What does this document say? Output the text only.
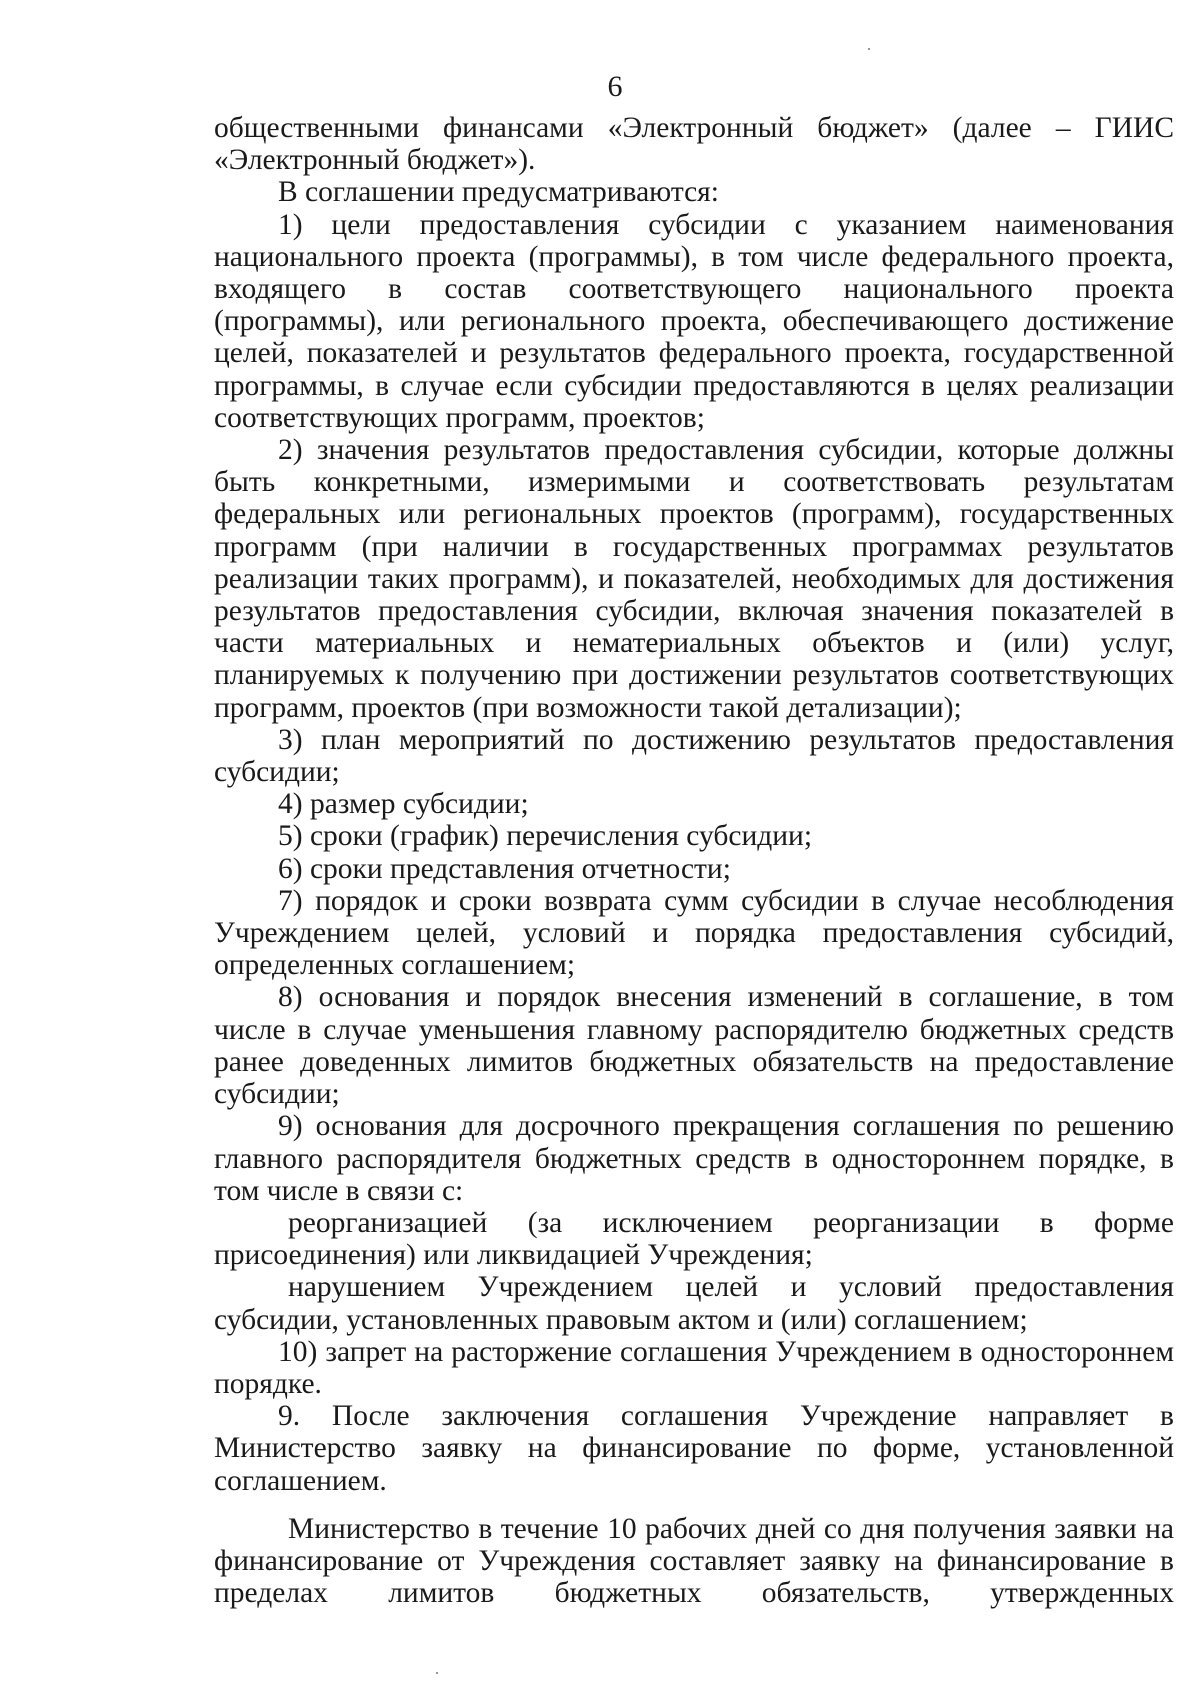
6

общественными финансами «Электронный бюджет» (далее – ГИИС «Электронный бюджет»).

В соглашении предусматриваются:

1) цели предоставления субсидии с указанием наименования национального проекта (программы), в том числе федерального проекта, входящего в состав соответствующего национального проекта (программы), или регионального проекта, обеспечивающего достижение целей, показателей и результатов федерального проекта, государственной программы, в случае если субсидии предоставляются в целях реализации соответствующих программ, проектов;

2) значения результатов предоставления субсидии, которые должны быть конкретными, измеримыми и соответствовать результатам федеральных или региональных проектов (программ), государственных программ (при наличии в государственных программах результатов реализации таких программ), и показателей, необходимых для достижения результатов предоставления субсидии, включая значения показателей в части материальных и нематериальных объектов и (или) услуг, планируемых к получению при достижении результатов соответствующих программ, проектов (при возможности такой детализации);

3) план мероприятий по достижению результатов предоставления субсидии;

4) размер субсидии;

5) сроки (график) перечисления субсидии;

6) сроки представления отчетности;

7) порядок и сроки возврата сумм субсидии в случае несоблюдения Учреждением целей, условий и порядка предоставления субсидий, определенных соглашением;

8) основания и порядок внесения изменений в соглашение, в том числе в случае уменьшения главному распорядителю бюджетных средств ранее доведенных лимитов бюджетных обязательств на предоставление субсидии;

9) основания для досрочного прекращения соглашения по решению главного распорядителя бюджетных средств в одностороннем порядке, в том числе в связи с:

реорганизацией (за исключением реорганизации в форме присоединения) или ликвидацией Учреждения;

нарушением Учреждением целей и условий предоставления субсидии, установленных правовым актом и (или) соглашением;

10) запрет на расторжение соглашения Учреждением в одностороннем порядке.

9. После заключения соглашения Учреждение направляет в Министерство заявку на финансирование по форме, установленной соглашением.

Министерство в течение 10 рабочих дней со дня получения заявки на финансирование от Учреждения составляет заявку на финансирование в пределах лимитов бюджетных обязательств, утвержденных
